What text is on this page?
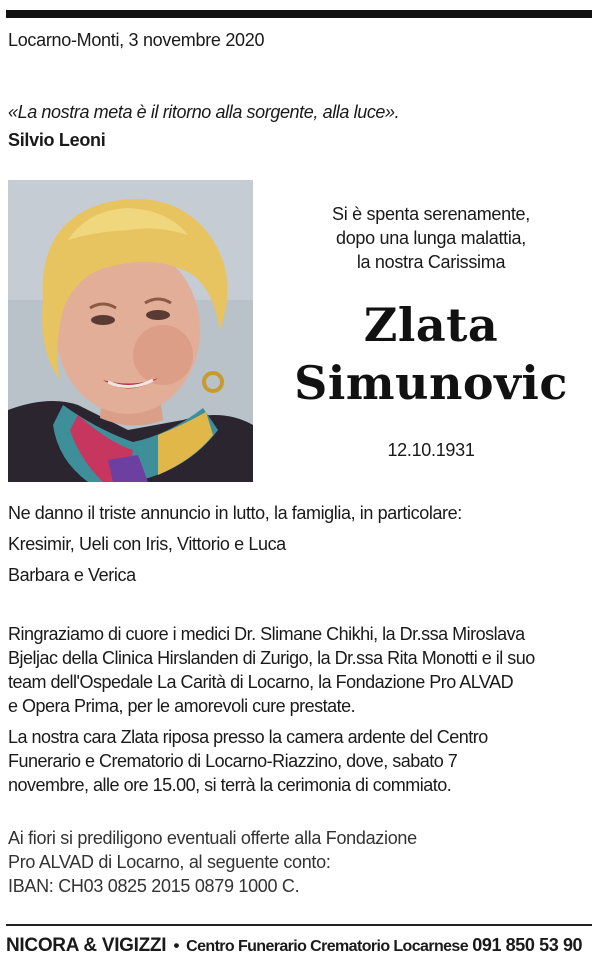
Locarno-Monti, 3 novembre 2020
«La nostra meta è il ritorno alla sorgente, alla luce».
Silvio Leoni
Si è spenta serenamente,
dopo una lunga malattia,
la nostra Carissima
Zlata
Simunovic
12.10.1931
Ne danno il triste annuncio in lutto, la famiglia, in particolare:
Kresimir, Ueli con Iris, Vittorio e Luca
Barbara e Verica
Ringraziamo di cuore i medici Dr. Slimane Chikhi, la Dr.ssa Miroslava
Bjeljac della Clinica Hirslanden di Zurigo, la Dr.ssa Rita Monotti e il suo
team dell'Ospedale La Carità di Locarno, la Fondazione Pro ALVAD
e Opera Prima, per le amorevoli cure prestate.
La nostra cara Zlata riposa presso la camera ardente del Centro
Funerario e Crematorio di Locarno-Riazzino, dove, sabato 7
novembre, alle ore 15.00, si terrà la cerimonia di commiato.
Ai fiori si prediligono eventuali offerte alla Fondazione
Pro ALVAD di Locarno, al seguente conto:
IBAN: CH03 0825 2015 0879 1000 C.
NICORA & VIGIZZI • Centro Funerario Crematorio Locarnese 091 850 53 90
